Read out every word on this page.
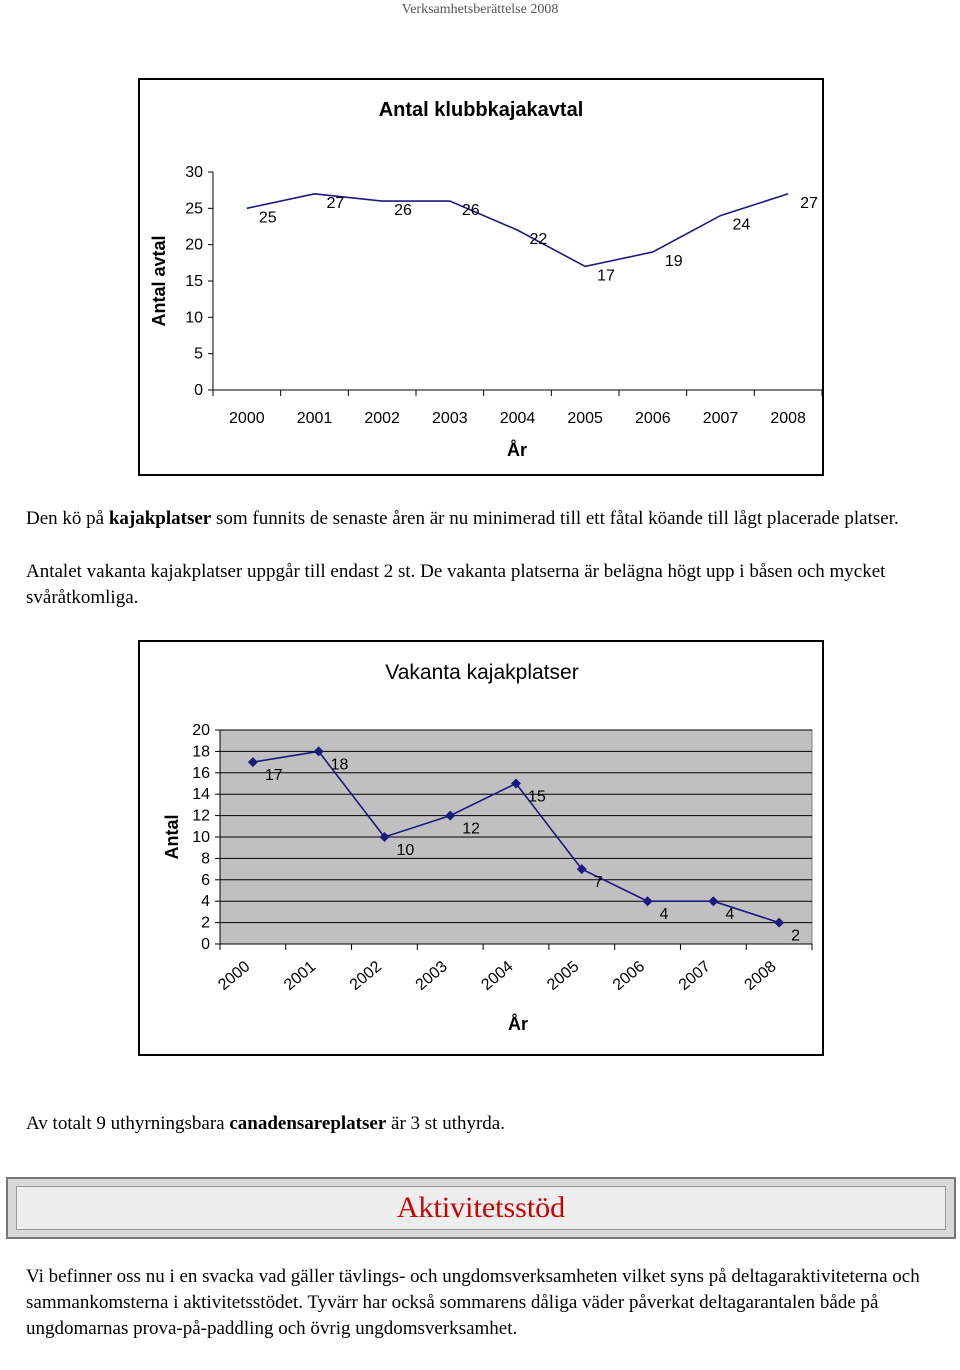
Verksamhetsberättelse 2008
0
5
10
15
20
25
30
2000 2001 2002 2003 2004 2005 2006 2007 2008
25
27	26	26
22
17
19
24
27
Antal klubbkajakavtal
År
Antal avtal
Den kö på kajakplatser som funnits de senaste åren är nu minimerad till ett fåtal köande till lågt placerade platser.
Antalet vakanta kajakplatser uppgår till endast 2 st. De vakanta platserna är belägna högt upp i båsen och mycket svåråtkomliga.
0
2
4
6
8
10
12
14
16
18
20
2000 2001 2002 2003 2004 2005 2006 2007 2008
17
18
10
12
15
7
4	4
2
Vakanta kajakplatser
År
Antal
Av totalt 9 uthyrningsbara canadensareplatser är 3 st uthyrda.
Aktivitetsstöd
Vi befinner oss nu i en svacka vad gäller tävlings- och ungdomsverksamheten vilket syns på deltagaraktiviteterna och sammankomsterna i aktivitetsstödet. Tyvärr har också sommarens dåliga väder påverkat deltagarantalen både på ungdomarnas prova-på-paddling och övrig ungdomsverksamhet.
